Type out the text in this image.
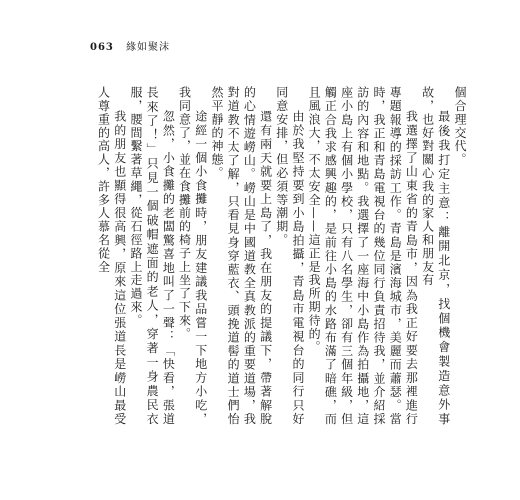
063 緣如聚沫

個合理交代。

最後我打定主意：離開北京，找個機會製造意外事故，也好對關心我的家人和朋友有

我選擇了山東省的青島市，因為我正好要去那裡進行專題報導的採訪工作。青島是濱海城市，美麗而蕭瑟。當時，我正和青島電視台的幾位同行負責招待我，並介紹採訪的內容和地點。我選擇了一座海中小島作為拍攝地，這座小島上有個小學校，只有八名學生，卻有三個年級，但觸正合我求感興趣的，是前往小島的水路布滿了暗礁，而且風浪大，不太安全——這正是我所期待的。

由於我堅持要到小島拍攝，青島市電視台的同行只好同意安排，但必須等潮期。

還有兩天就要上島了，我在朋友的提議下，帶著解脫的心情遊嶗山。嶗山是中國道教全真教派的重要道場，我對道教不太了解，只看見身穿藍衣、頭挽道髻的道士們怡然平靜的神態。

途經一個小食攤時，朋友建議我品嘗一下地方小吃，我同意了，並在食攤前的椅子上坐了下來。

忽然，小食攤的老闆驚喜地叫了一聲：「快看，張道長來了！」只見一個破帽遮面的老人，穿著一身農民衣服，腰間繫著草繩，從石徑路上走過來。

我的朋友也顯得很高興，原來這位張道長是嶗山最受人尊重的高人，許多人慕名從全
